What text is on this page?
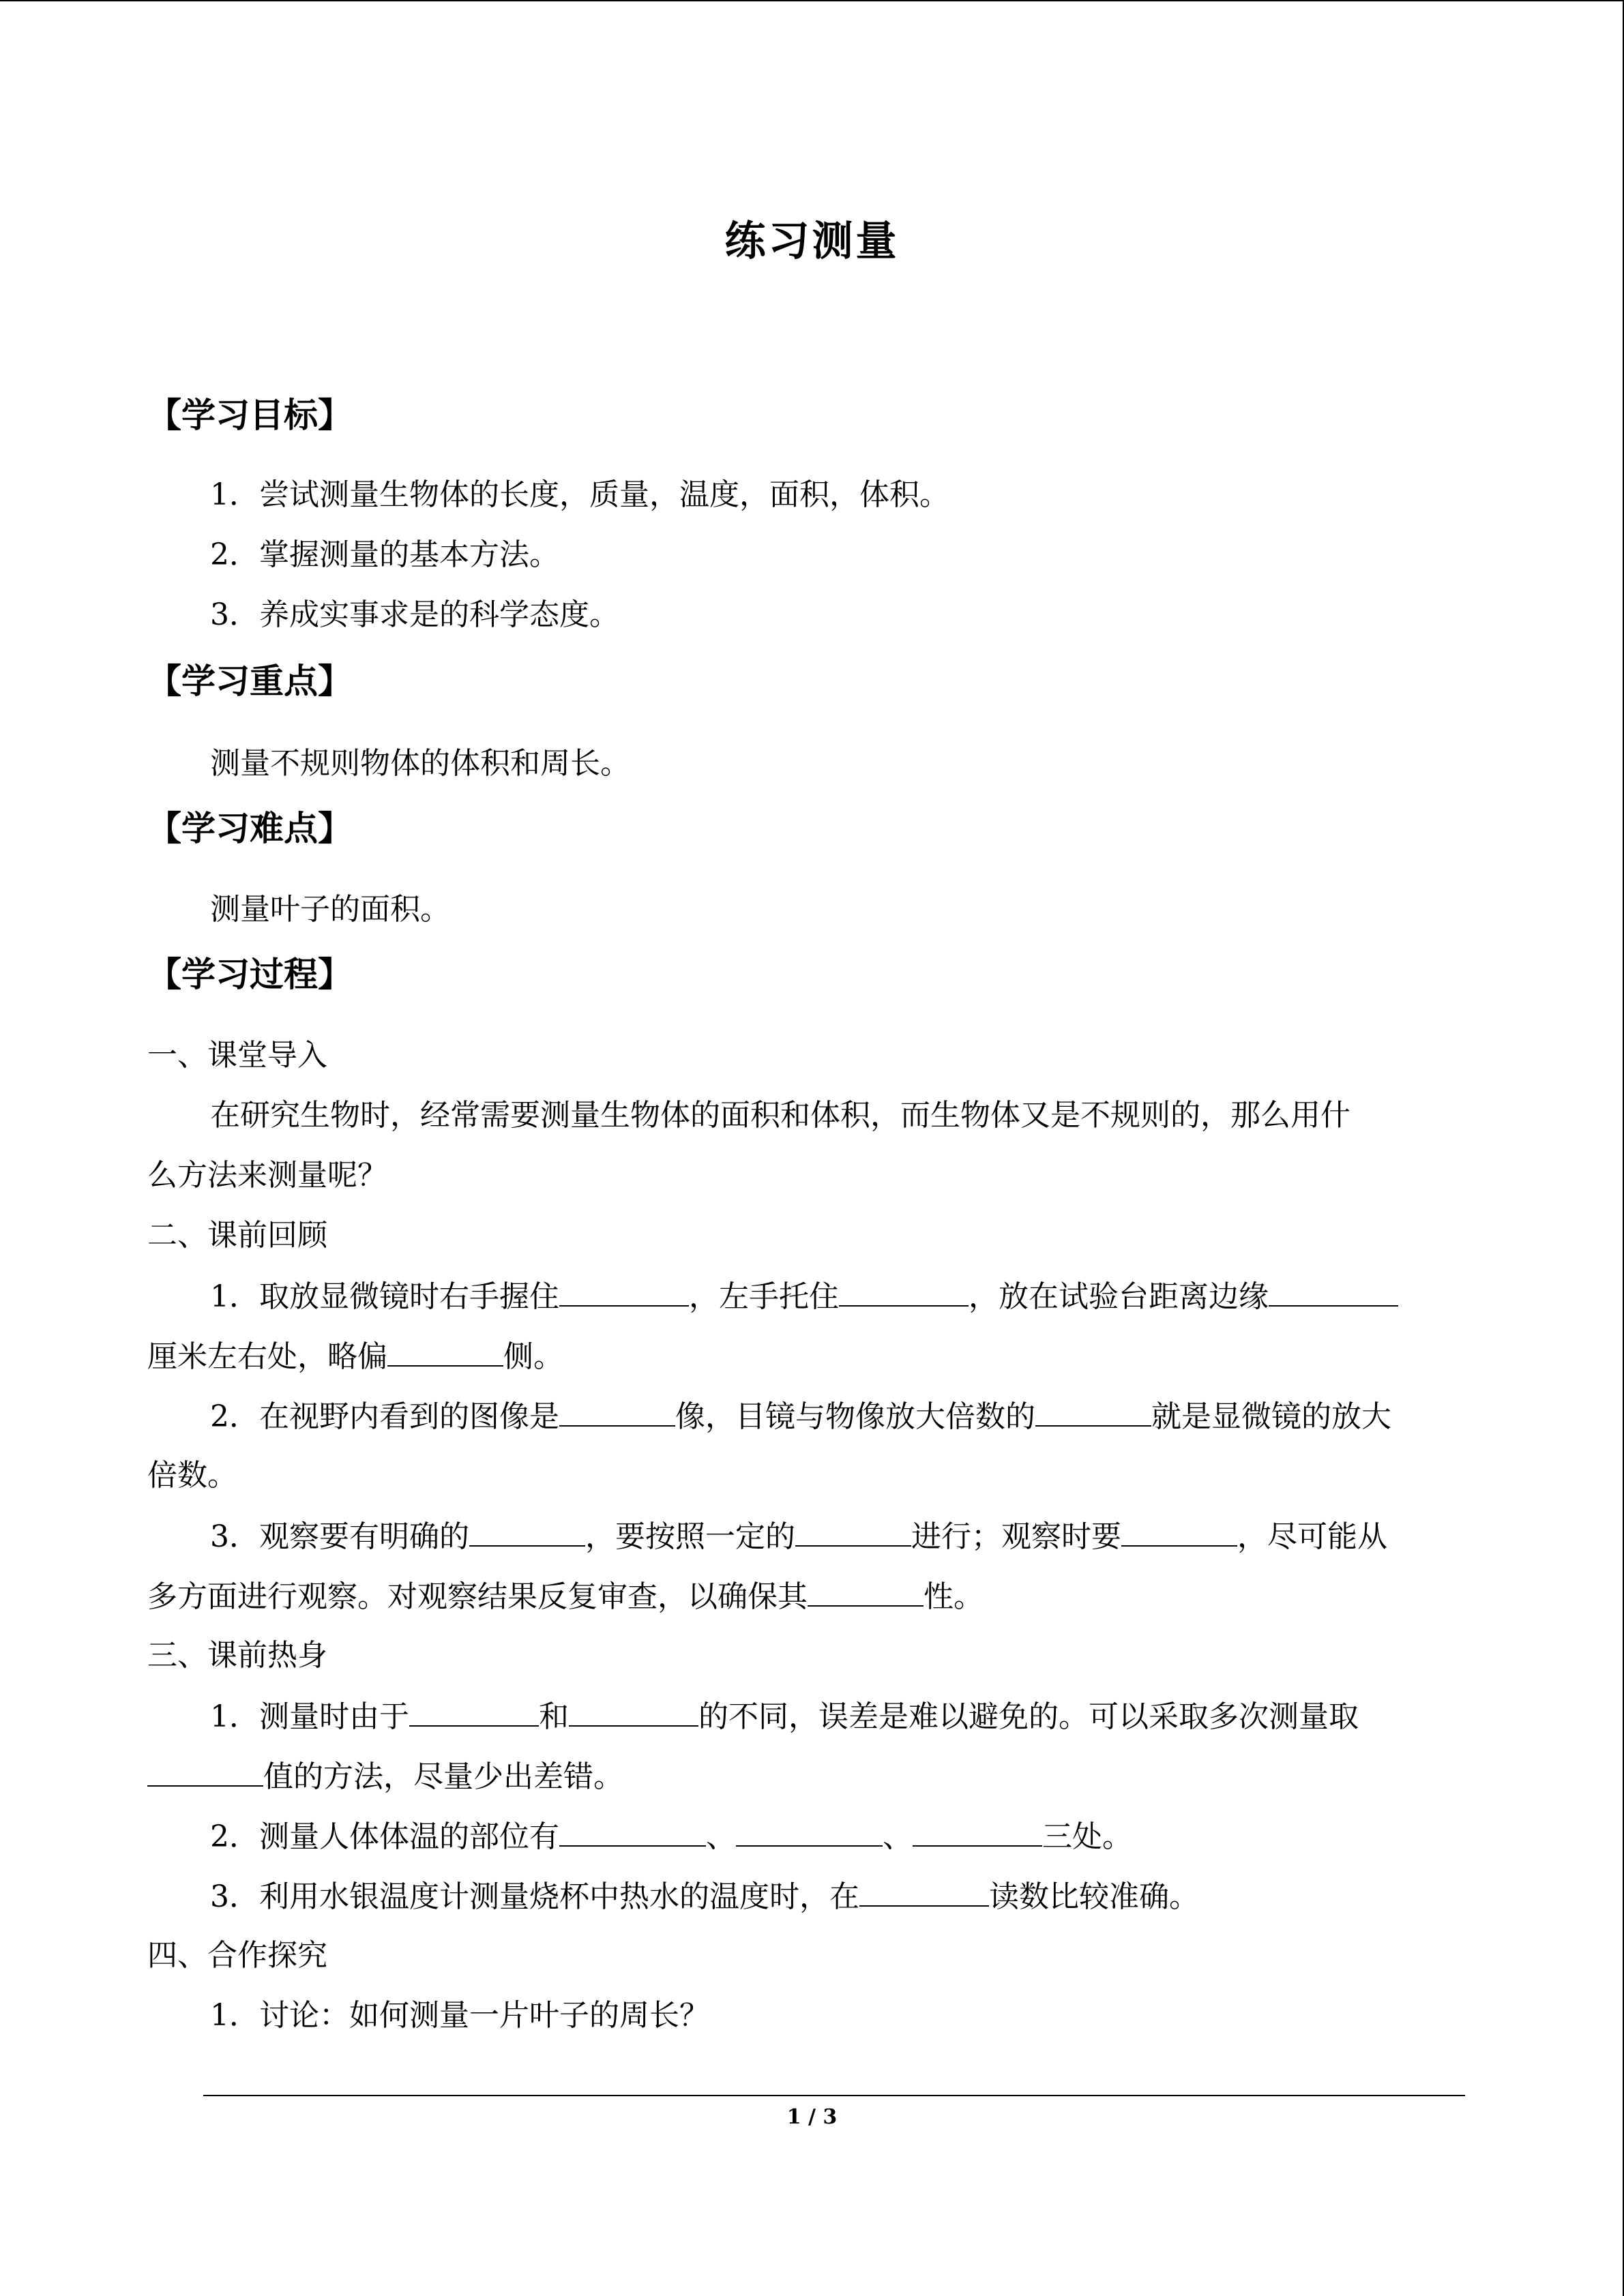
练习测量
【学习目标】
1．尝试测量生物体的长度，质量，温度，面积，体积。
2．掌握测量的基本方法。
3．养成实事求是的科学态度。
【学习重点】
测量不规则物体的体积和周长。
【学习难点】
测量叶子的面积。
【学习过程】
一、课堂导入
在研究生物时，经常需要测量生物体的面积和体积，而生物体又是不规则的，那么用什
么方法来测量呢？
二、课前回顾
1．取放显微镜时右手握住	，左手托住	，放在试验台距离边缘
厘米左右处，略偏	侧。
2．在视野内看到的图像是	像，目镜与物像放大倍数的	就是显微镜的放大
倍数。
3．观察要有明确的	，要按照一定的	进行；观察时要	，尽可能从
多方面进行观察。对观察结果反复审查，以确保其	性。
三、课前热身
1．测量时由于	和	的不同，误差是难以避免的。可以采取多次测量取
值的方法，尽量少出差错。
2．测量人体体温的部位有	、	、	三处。
3．利用水银温度计测量烧杯中热水的温度时，在	读数比较准确。
四、合作探究
1．讨论：如何测量一片叶子的周长？
1 / 3
